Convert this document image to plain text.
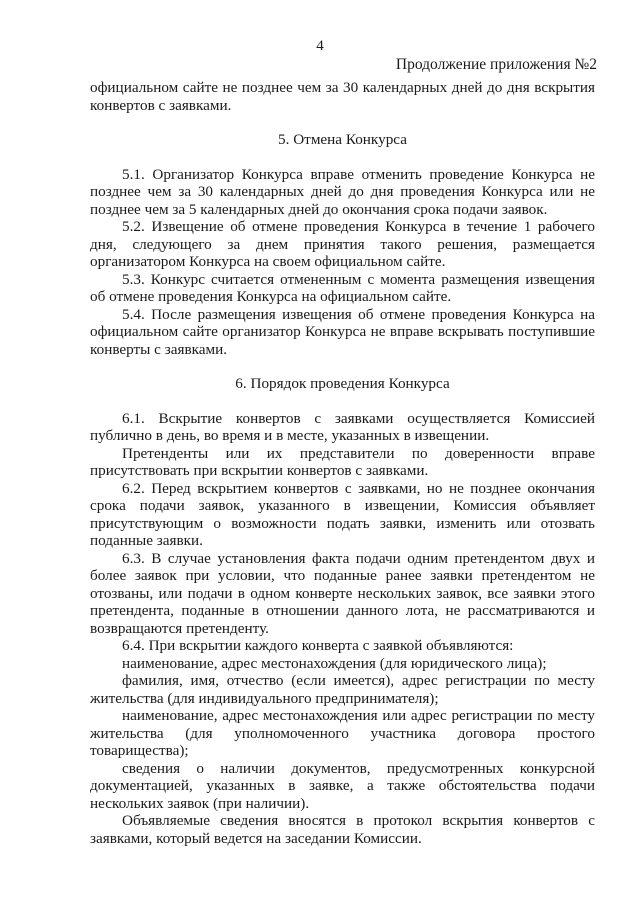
4
Продолжение приложения №2

официальном сайте не позднее чем за 30 календарных дней до дня вскрытия конвертов с заявками.

5. Отмена Конкурса

5.1. Организатор Конкурса вправе отменить проведение Конкурса не позднее чем за 30 календарных дней до дня проведения Конкурса или не позднее чем за 5 календарных дней до окончания срока подачи заявок.

5.2. Извещение об отмене проведения Конкурса в течение 1 рабочего дня, следующего за днем принятия такого решения, размещается организатором Конкурса на своем официальном сайте.

5.3. Конкурс считается отмененным с момента размещения извещения об отмене проведения Конкурса на официальном сайте.

5.4. После размещения извещения об отмене проведения Конкурса на официальном сайте организатор Конкурса не вправе вскрывать поступившие конверты с заявками.

6. Порядок проведения Конкурса

6.1. Вскрытие конвертов с заявками осуществляется Комиссией публично в день, во время и в месте, указанных в извещении.

Претенденты или их представители по доверенности вправе присутствовать при вскрытии конвертов с заявками.

6.2. Перед вскрытием конвертов с заявками, но не позднее окончания срока подачи заявок, указанного в извещении, Комиссия объявляет присутствующим о возможности подать заявки, изменить или отозвать поданные заявки.

6.3. В случае установления факта подачи одним претендентом двух и более заявок при условии, что поданные ранее заявки претендентом не отозваны, или подачи в одном конверте нескольких заявок, все заявки этого претендента, поданные в отношении данного лота, не рассматриваются и возвращаются претенденту.

6.4. При вскрытии каждого конверта с заявкой объявляются:

наименование, адрес местонахождения (для юридического лица);

фамилия, имя, отчество (если имеется), адрес регистрации по месту жительства (для индивидуального предпринимателя);

наименование, адрес местонахождения или адрес регистрации по месту жительства (для уполномоченного участника договора простого товарищества);

сведения о наличии документов, предусмотренных конкурсной документацией, указанных в заявке, а также обстоятельства подачи нескольких заявок (при наличии).

Объявляемые сведения вносятся в протокол вскрытия конвертов с заявками, который ведется на заседании Комиссии.
